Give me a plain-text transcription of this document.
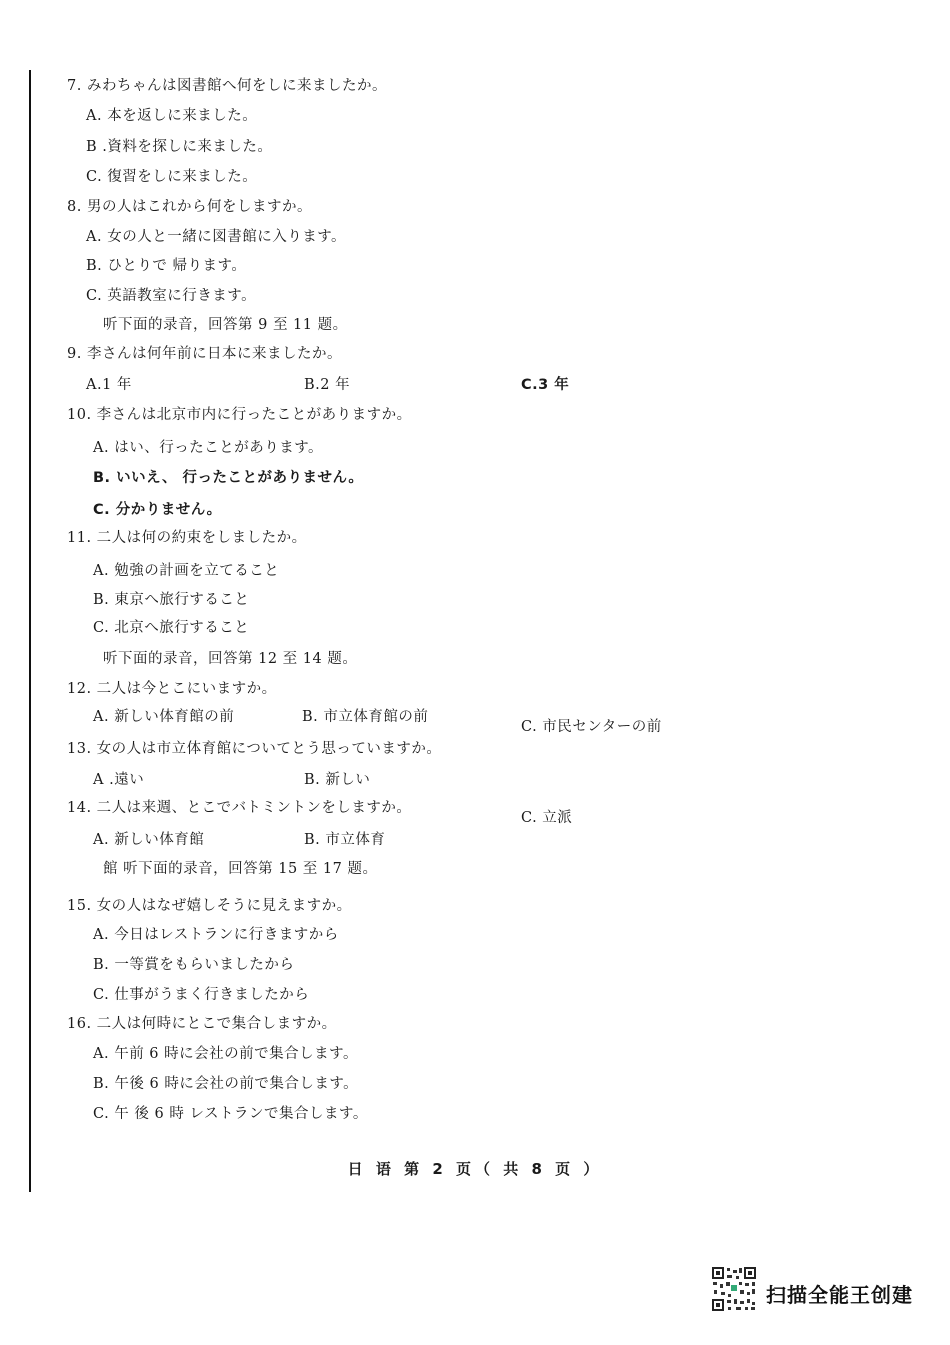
7. みわちゃんは図書館へ何をしに来ましたか。
A. 本を返しに来ました。
B .資料を探しに来ました。
C. 復習をしに来ました。
8. 男の人はこれから何をしますか。
A. 女の人と一緒に図書館に入ります。
B. ひとりで 帰ります。
C. 英語教室に行きます。
听下面的录音，回答第 9 至 11 题。
9. 李さんは何年前に日本に来ましたか。
A.1 年	B.2 年	C.3 年
10. 李さんは北京市内に行ったことがありますか。
A. はい、行ったことがあります。
B. いいえ、 行ったことがありません。
C. 分かりません。
11. 二人は何の約束をしましたか。
A. 勉強の計画を立てること
B. 東京へ旅行すること
C. 北京へ旅行すること
听下面的录音，回答第 12 至 14 题。
12. 二人は今とこにいますか。
A. 新しい体育館の前	B. 市立体育館の前
C. 市民センターの前
13. 女の人は市立体育館についてとう思っていますか。
A .遠い	B. 新しい
14. 二人は来週、とこでバトミントンをしますか。
A. 新しい体育館	B. 市立体育
C. 立派
館 听下面的录音，回答第 15 至 17 题。
15. 女の人はなぜ嬉しそうに見えますか。
A. 今日はレストランに行きますから
B. 一等賞をもらいましたから
C. 仕事がうまく行きましたから
16. 二人は何時にとこで集合しますか。
A. 午前 6 時に会社の前で集合します。
B. 午後 6 時に会社の前で集合します。
C. 午 後 6 時 レストランで集合します。
日 语 第 2 页（ 共 8 页 ）
扫描全能王创建
